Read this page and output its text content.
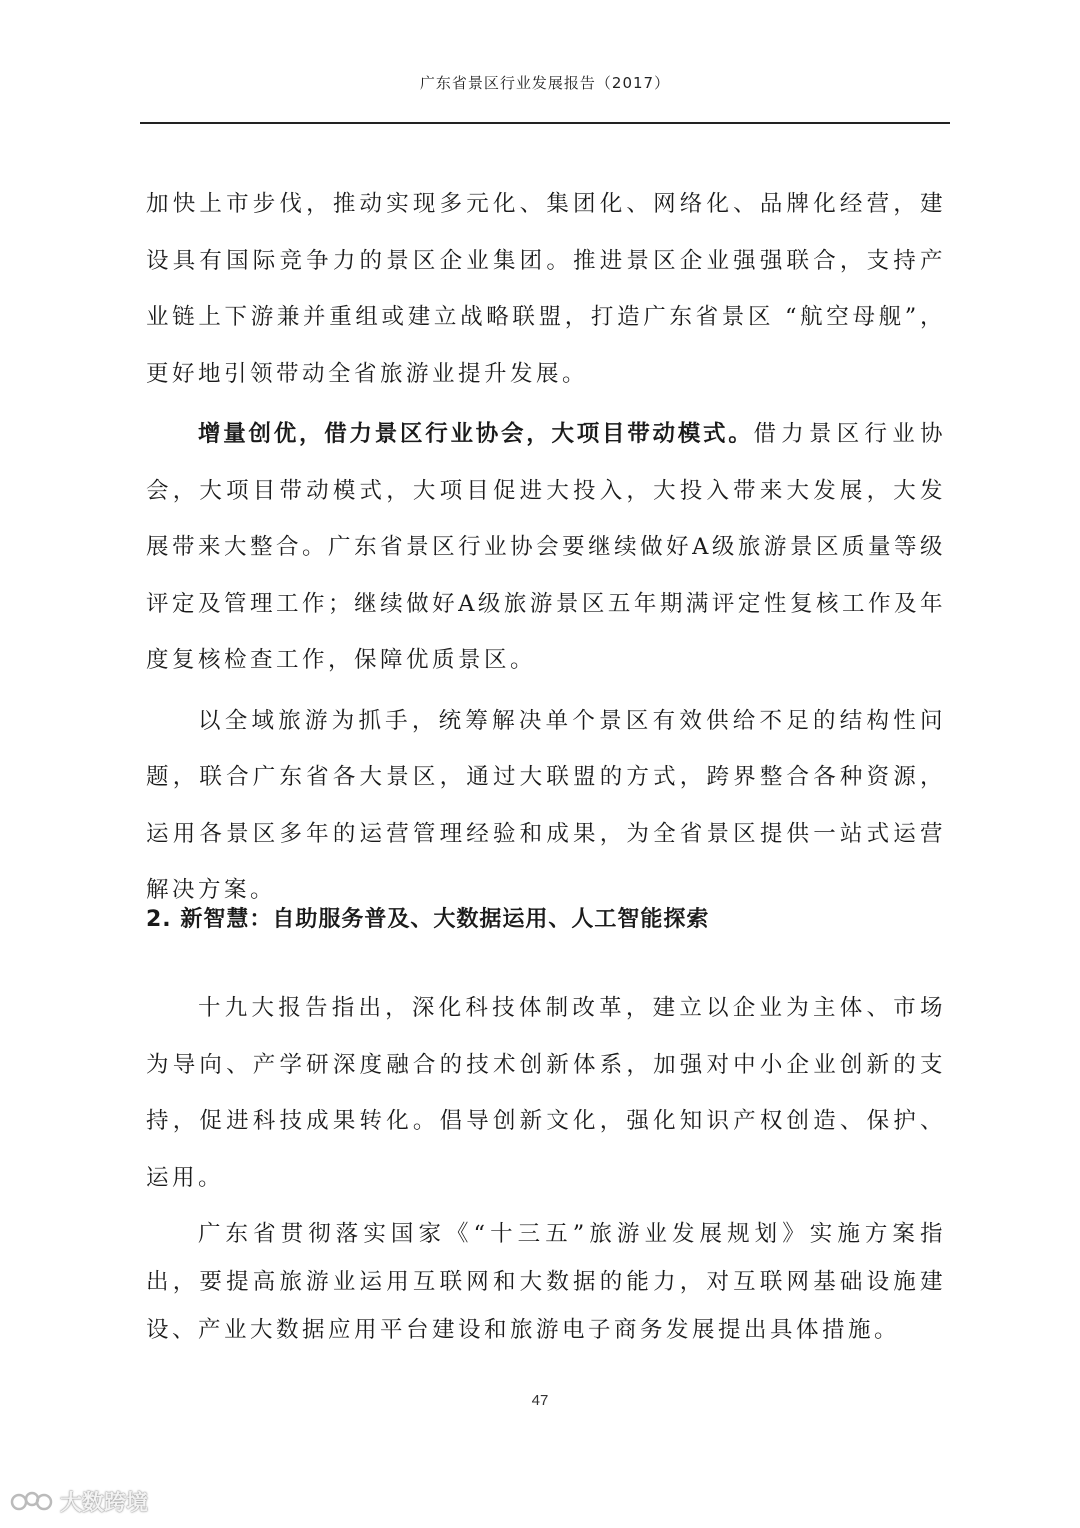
广东省景区行业发展报告（2017）

加快上市步伐，推动实现多元化、集团化、网络化、品牌化经营，建设具有国际竞争力的景区企业集团。推进景区企业强强联合，支持产业链上下游兼并重组或建立战略联盟，打造广东省景区 “航空母舰”，更好地引领带动全省旅游业提升发展。

增量创优，借力景区行业协会，大项目带动模式。借力景区行业协会，大项目带动模式，大项目促进大投入，大投入带来大发展，大发展带来大整合。广东省景区行业协会要继续做好A级旅游景区质量等级评定及管理工作；继续做好A级旅游景区五年期满评定性复核工作及年度复核检查工作，保障优质景区。

以全域旅游为抓手，统筹解决单个景区有效供给不足的结构性问题，联合广东省各大景区，通过大联盟的方式，跨界整合各种资源，运用各景区多年的运营管理经验和成果，为全省景区提供一站式运营解决方案。

2. 新智慧：自助服务普及、大数据运用、人工智能探索

十九大报告指出，深化科技体制改革，建立以企业为主体、市场为导向、产学研深度融合的技术创新体系，加强对中小企业创新的支持，促进科技成果转化。倡导创新文化，强化知识产权创造、保护、运用。

广东省贯彻落实国家《“十三五”旅游业发展规划》实施方案指出，要提高旅游业运用互联网和大数据的能力，对互联网基础设施建设、产业大数据应用平台建设和旅游电子商务发展提出具体措施。

47
大数跨境
